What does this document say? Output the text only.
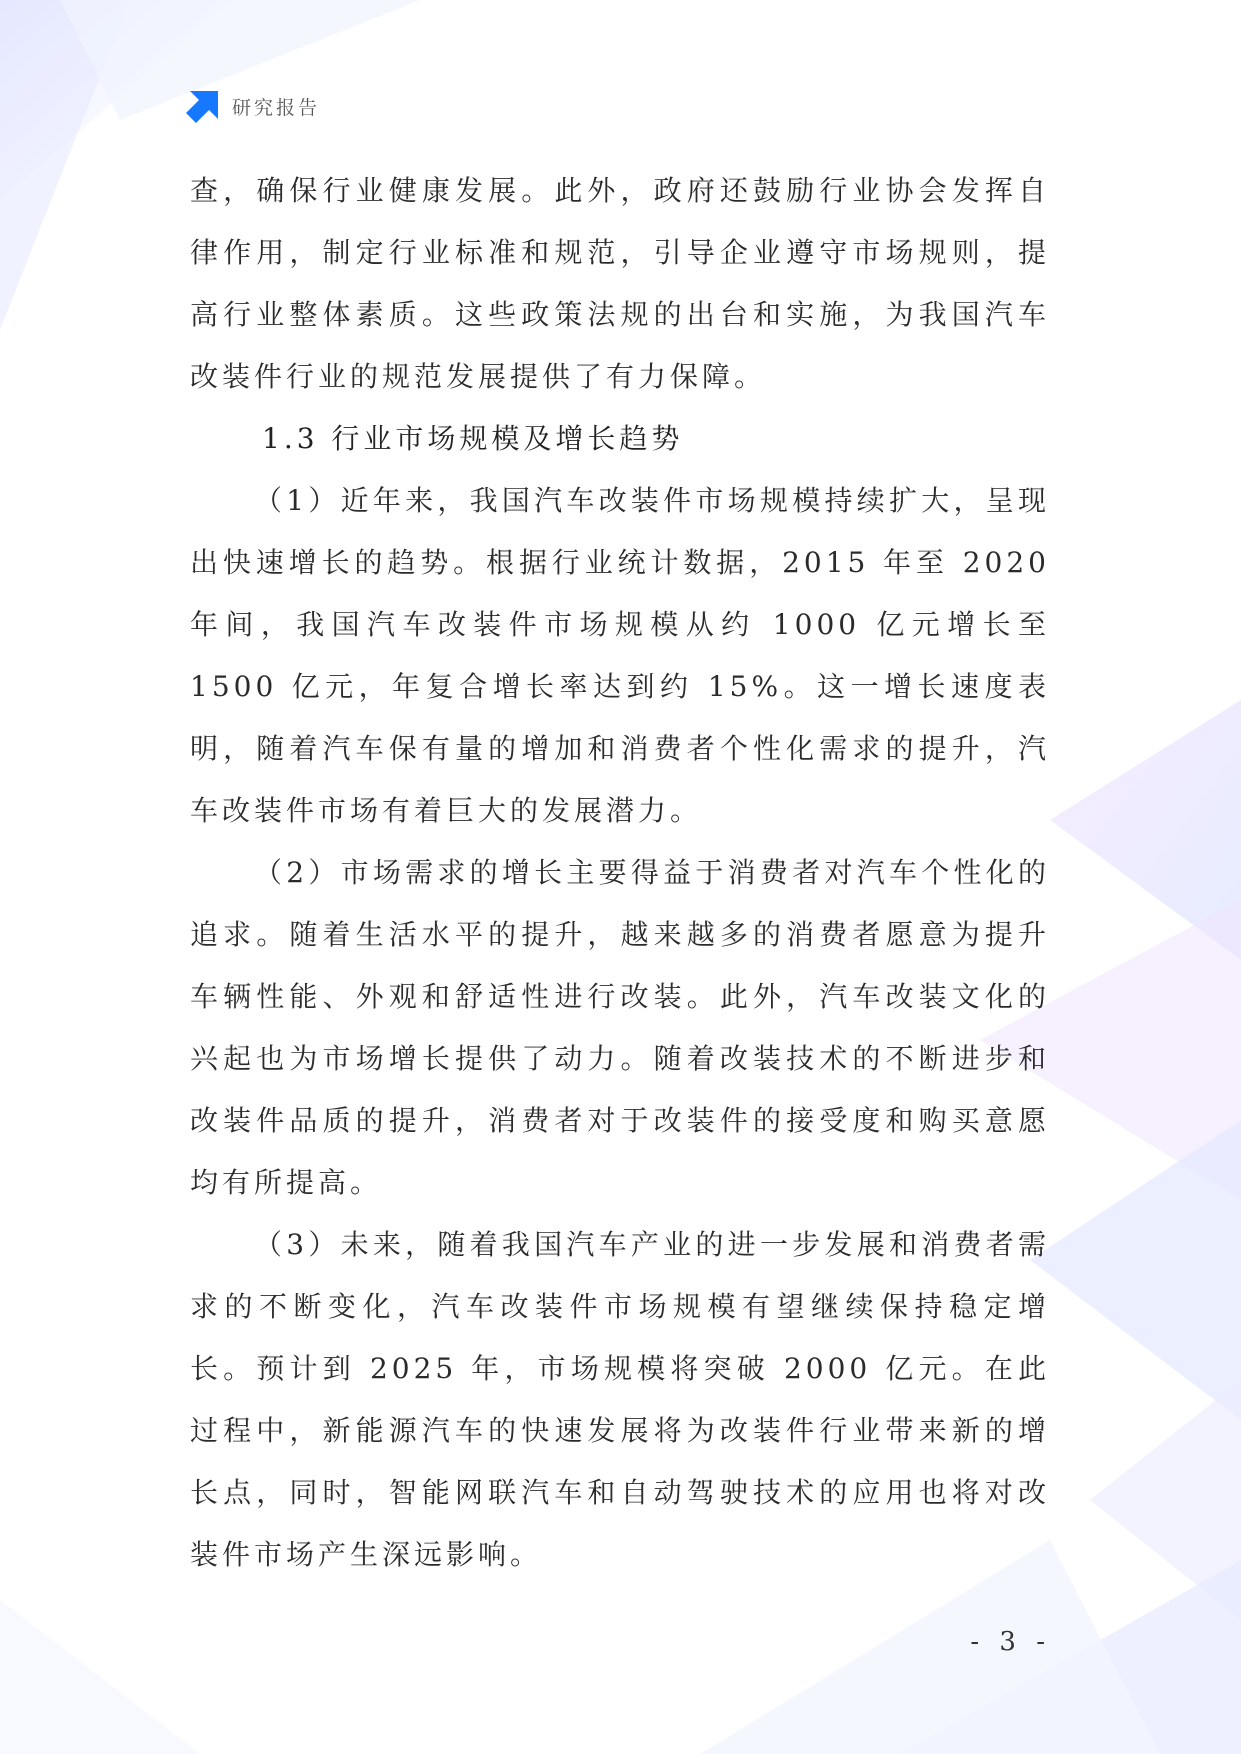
研究报告

查，确保行业健康发展。此外，政府还鼓励行业协会发挥自律作用，制定行业标准和规范，引导企业遵守市场规则，提高行业整体素质。这些政策法规的出台和实施，为我国汽车改装件行业的规范发展提供了有力保障。

1.3 行业市场规模及增长趋势

（1）近年来，我国汽车改装件市场规模持续扩大，呈现出快速增长的趋势。根据行业统计数据，2015 年至 2020 年间，我国汽车改装件市场规模从约 1000 亿元增长至 1500 亿元，年复合增长率达到约 15%。这一增长速度表明，随着汽车保有量的增加和消费者个性化需求的提升，汽车改装件市场有着巨大的发展潜力。

（2）市场需求的增长主要得益于消费者对汽车个性化的追求。随着生活水平的提升，越来越多的消费者愿意为提升车辆性能、外观和舒适性进行改装。此外，汽车改装文化的兴起也为市场增长提供了动力。随着改装技术的不断进步和改装件品质的提升，消费者对于改装件的接受度和购买意愿均有所提高。

（3）未来，随着我国汽车产业的进一步发展和消费者需求的不断变化，汽车改装件市场规模有望继续保持稳定增长。预计到 2025 年，市场规模将突破 2000 亿元。在此过程中，新能源汽车的快速发展将为改装件行业带来新的增长点，同时，智能网联汽车和自动驾驶技术的应用也将对改装件市场产生深远影响。

- 3 -
